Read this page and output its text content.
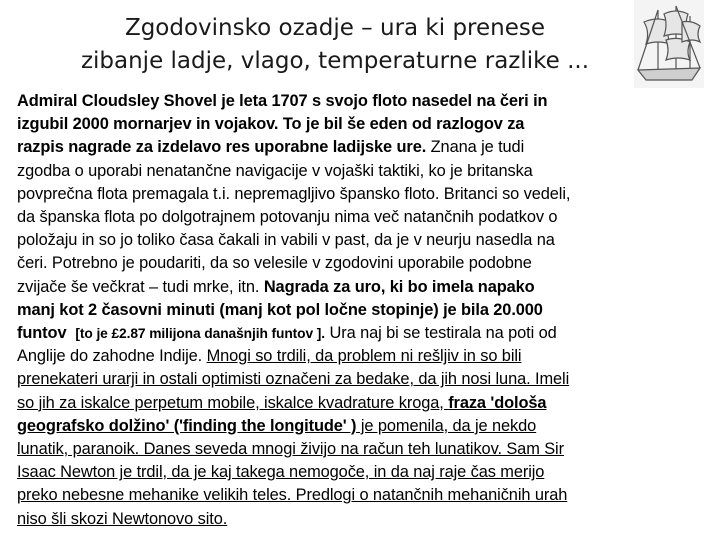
Zgodovinsko ozadje – ura ki prenese
zibanje ladje, vlago, temperaturne razlike ...
Admiral Cloudsley Shovel je leta 1707 s svojo floto nasedel na čeri in
izgubil 2000 mornarjev in vojakov. To je bil še eden od razlogov za
razpis nagrade za izdelavo res uporabne ladijske ure. Znana je tudi
zgodba o uporabi nenatančne navigacije v vojaški taktiki, ko je britanska
povprečna flota premagala t.i. nepremagljivo špansko floto. Britanci so vedeli,
da španska flota po dolgotrajnem potovanju nima več natančnih podatkov o
položaju in so jo toliko časa čakali in vabili v past, da je v neurju nasedla na
čeri. Potrebno je poudariti, da so velesile v zgodovini uporabile podobne
zvijače še večkrat – tudi mrke, itn. Nagrada za uro, ki bo imela napako
manj kot 2 časovni minuti (manj kot pol ločne stopinje) je bila 20.000
funtov [to je £2.87 milijona današnjih funtov ]. Ura naj bi se testirala na poti od
Anglije do zahodne Indije. Mnogi so trdili, da problem ni rešljiv in so bili
prenekateri urarji in ostali optimisti označeni za bedake, da jih nosi luna. Imeli
so jih za iskalce perpetum mobile, iskalce kvadrature kroga, fraza 'dološa
geografsko dolžino' ('finding the longitude' ) je pomenila, da je nekdo
lunatik, paranoik. Danes seveda mnogi živijo na račun teh lunatikov. Sam Sir
Isaac Newton je trdil, da je kaj takega nemogoče, in da naj raje čas merijo
preko nebesne mehanike velikih teles. Predlogi o natančnih mehaničnih urah
niso šli skozi Newtonovo sito.
